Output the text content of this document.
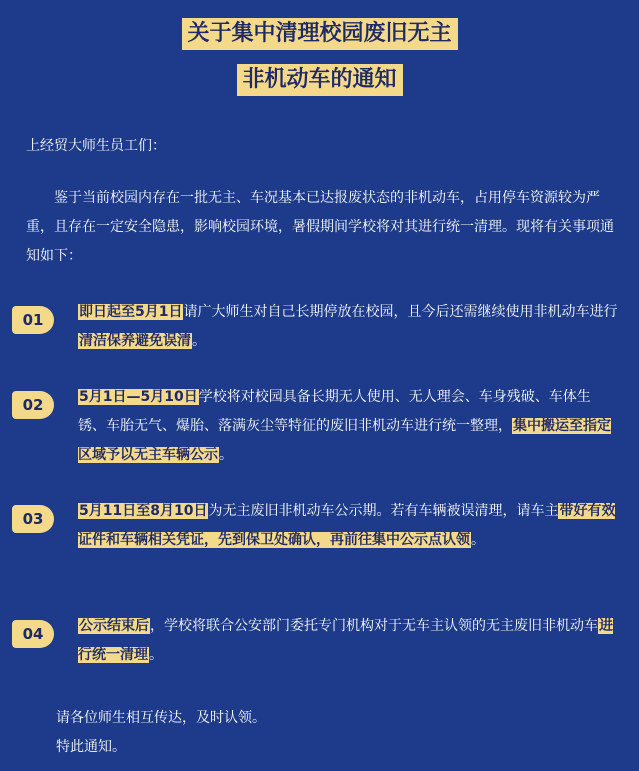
关于集中清理校园废旧无主
非机动车的通知
上经贸大师生员工们：
鉴于当前校园内存在一批无主、车况基本已达报废状态的非机动车，占用停车资源较为严重，且存在一定安全隐患，影响校园环境，暑假期间学校将对其进行统一清理。现将有关事项通知如下：
01	即日起至5月1日请广大师生对自己长期停放在校园，且今后还需继续使用非机动车进行清洁保养避免误清。
02	5月1日—5月10日学校将对校园具备长期无人使用、无人理会、车身残破、车体生锈、车胎无气、爆胎、落满灰尘等特征的废旧非机动车进行统一整理，集中搬运至指定区域予以无主车辆公示。
03	5月11日至8月10日为无主废旧非机动车公示期。若有车辆被误清理，请车主带好有效证件和车辆相关凭证，先到保卫处确认，再前往集中公示点认领。
04	公示结束后，学校将联合公安部门委托专门机构对于无车主认领的无主废旧非机动车进行统一清理。
请各位师生相互传达，及时认领。
特此通知。
